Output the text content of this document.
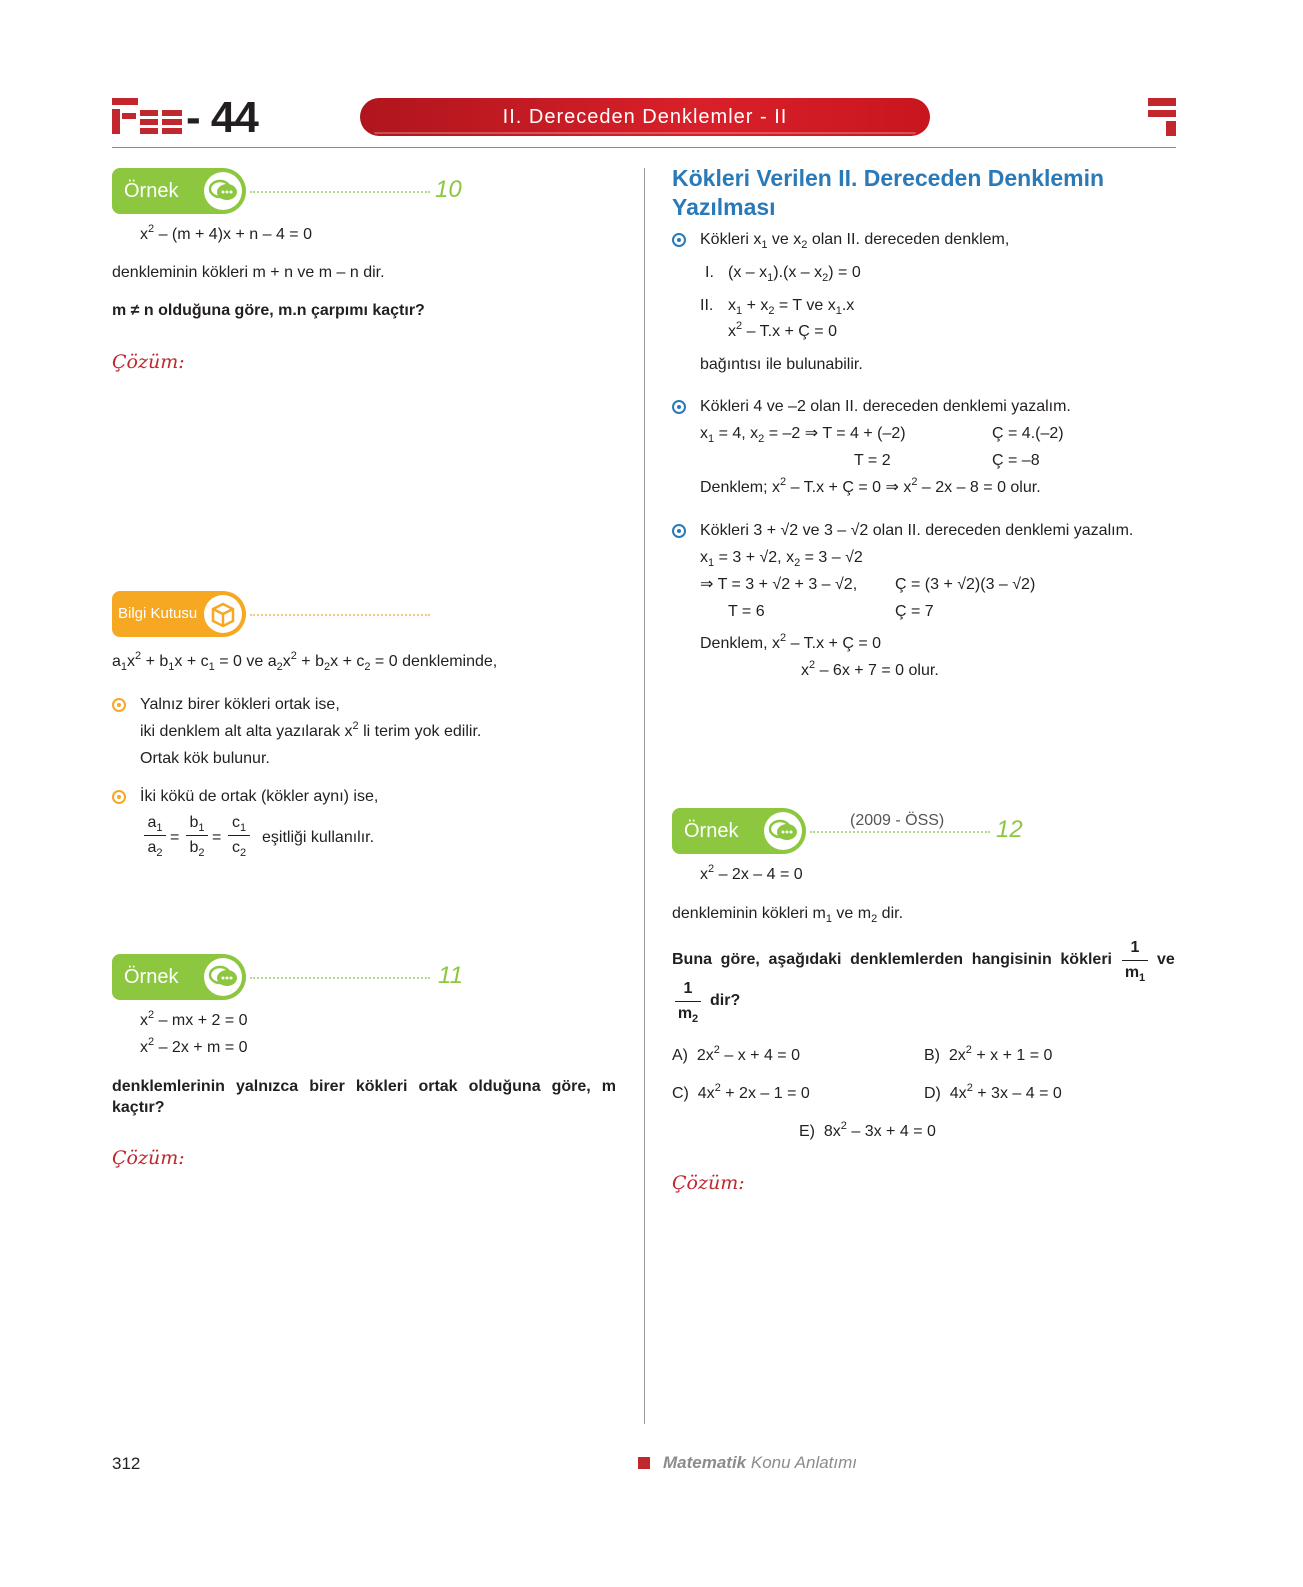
- 44	II. Dereceden Denklemler - II
Örnek	10
$x^2 - (m + 4)x + n - 4 = 0$
denkleminin kökleri m + n ve m – n dir.
m ≠ n olduğuna göre, m.n çarpımı kaçtır?
Çözüm:
Bilgi Kutusu
$a_1x^2 + b_1x + c_1 = 0$ ve $a_2x^2 + b_2x + c_2 = 0$ denkleminde,
Yalnız birer kökleri ortak ise,
iki denklem alt alta yazılarak $x^2$ li terim yok edilir.
Ortak kök bulunur.
İki kökü de ortak (kökler aynı) ise,
$a_1$
$a_2$
=
$b_1$
$b_2$
=
$c_1$
$c_2$
eşitliği kullanılır.
Örnek	11
$x^2$ – mx + 2 = 0
$x^2 - 2x + m = 0$
denklemlerinin yalnızca birer kökleri ortak olduğuna göre, m
kaçtır?
Çözüm:
Kökleri Verilen II. Dereceden Denklemin
Yazılması
Kökleri $x_1$ ve $x_2$ olan II. dereceden denklem,
I. $(x - x_1).(x - x_2) = 0$
II. $x_1 + x_2 = T$ ve $x_1.x$
$x^2 - T.x$ + Ç = 0
bağıntısı ile bulunabilir.
Kökleri 4 ve –2 olan II. dereceden denklemi yazalım.
$x_1 = 4$, $x_2 = -2$ ⇒ T = 4 + (–2)	Ç = 4.(–2)
T = 2	Ç = –8
Denklem; $x^2 - T.x$ + Ç = 0 ⇒ $x^2 - 2x - 8 = 0$ olur.
Kökleri 3 + √2 ve 3 – √2 olan II. dereceden denklemi yazalım.
$x_1 = 3 + √2$, $x_2 = 3 - √2$
⇒ T = 3 + √2 + 3 – √2, Ç = (3 + √2)(3 – √2)
T = 6	Ç = 7
Denklem, $x^2 - T.x$ + Ç = 0
$x^2 - 6x + 7 = 0$ olur.
Örnek	(2009 - ÖSS) 12
$x^2 - 2x - 4 = 0$
denkleminin kökleri $m_1$ ve $m_2$ dir.
Buna göre, aşağıdaki denklemlerden hangisinin kökleri
1
$m_1$
ve
1
$m_2$
dir?
A) $2x^2 - x + 4 = 0$	B) $2x^2 + x + 1 = 0$
C) $4x^2 + 2x - 1 = 0$	D) $4x^2 + 3x - 4 = 0$
E) $8x^2 - 3x + 4 = 0$
Çözüm:
312	Matematik Konu Anlatımı
